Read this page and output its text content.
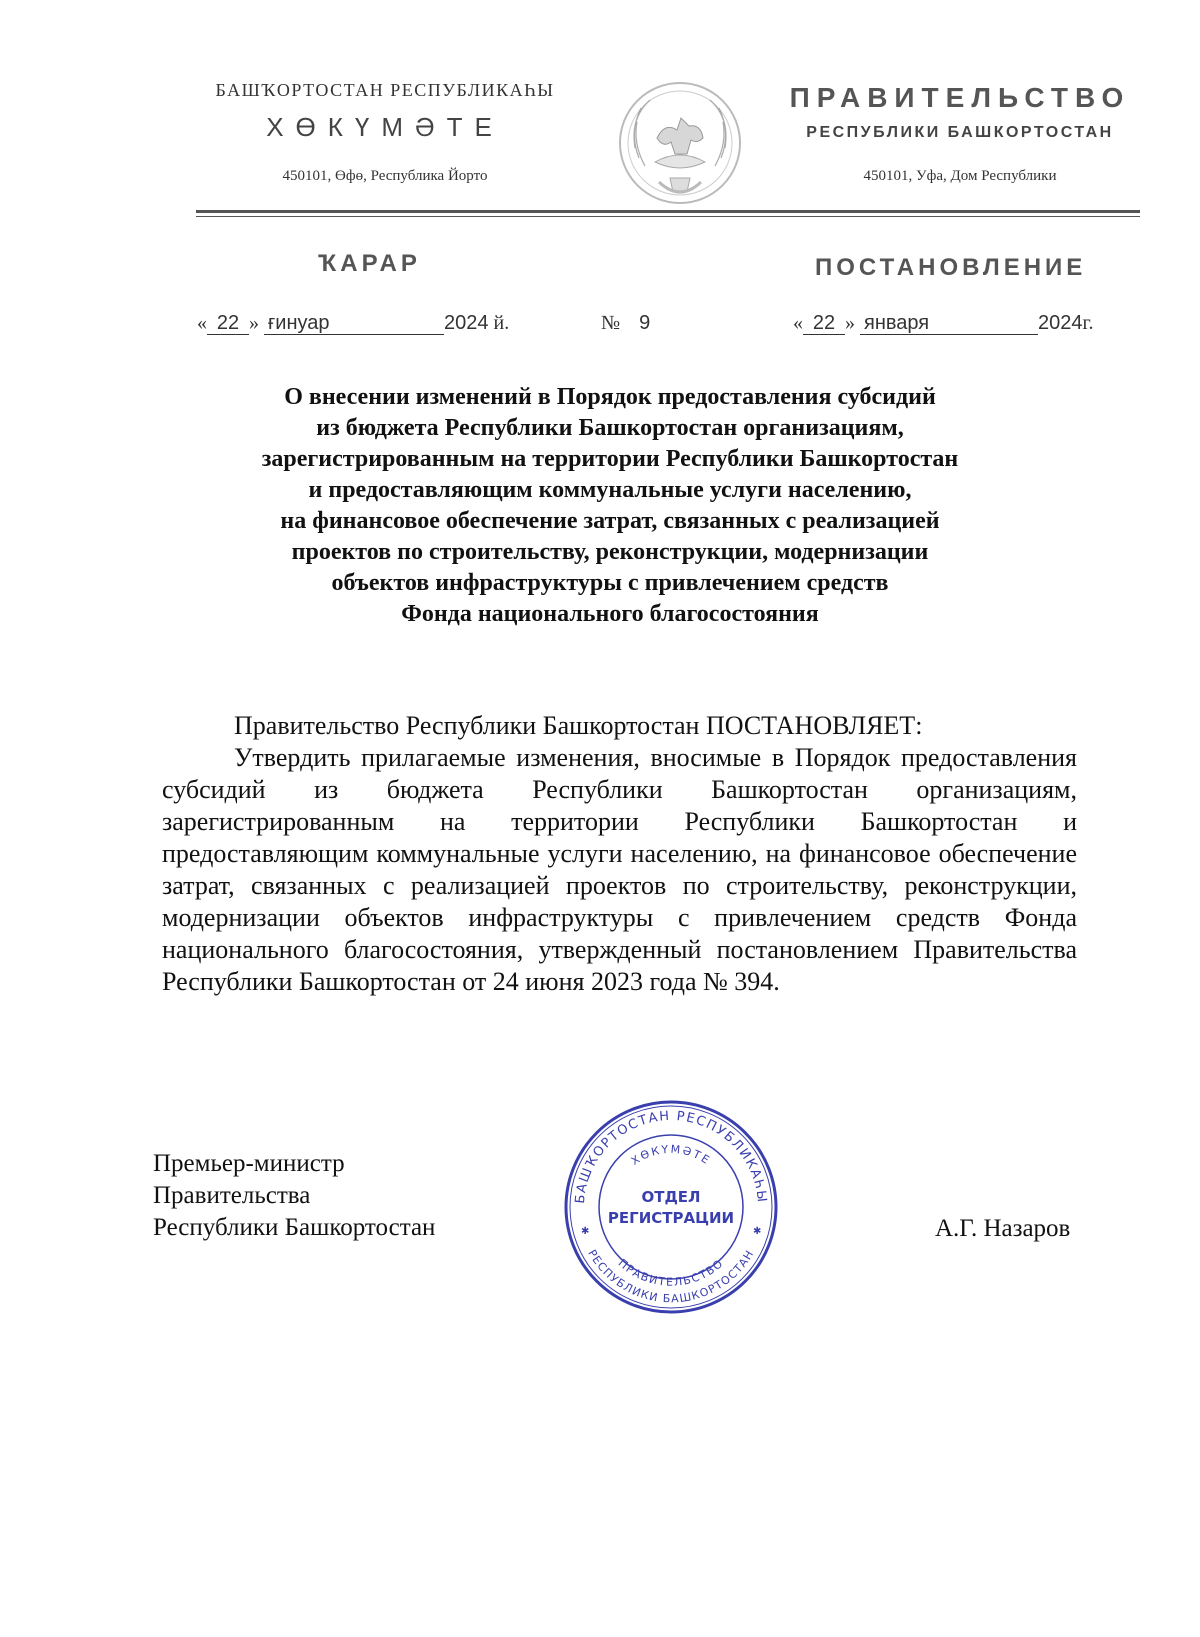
БАШҠОРТОСТАН РЕСПУБЛИКАҺЫ
ХӨКҮМӘТЕ
450101, Өфө, Республика Йорто
ПРАВИТЕЛЬСТВО
РЕСПУБЛИКИ БАШКОРТОСТАН
450101, Уфа, Дом Республики
ҠАРАР	ПОСТАНОВЛЕНИЕ
« 22 » ғинуар	2024 й.	№ 9	« 22 » января	2024г.
О внесении изменений в Порядок предоставления субсидий
из бюджета Республики Башкортостан организациям,
зарегистрированным на территории Республики Башкортостан
и предоставляющим коммунальные услуги населению,
на финансовое обеспечение затрат, связанных с реализацией
проектов по строительству, реконструкции, модернизации
объектов инфраструктуры с привлечением средств
Фонда национального благосостояния
Правительство Республики Башкортостан ПОСТАНОВЛЯЕТ:
Утвердить прилагаемые изменения, вносимые в Порядок предоставления субсидий из бюджета Республики Башкортостан организациям, зарегистрированным на территории Республики Башкортостан и предоставляющим коммунальные услуги населению, на финансовое обеспечение затрат, связанных с реализацией проектов по строительству, реконструкции, модернизации объектов инфраструктуры с привлечением средств Фонда национального благосостояния, утвержденный постановлением Правительства Республики Башкортостан от 24 июня 2023 года № 394.
Премьер-министр
Правительства
Республики Башкортостан	А.Г. Назаров
БАШҠОРТОСТАН РЕСПУБЛИКАҺЫ
ХӨКҮМӘТЕ
ПРАВИТЕЛЬСТВО
РЕСПУБЛИКИ БАШКОРТОСТАН
ОТДЕЛ
РЕГИСТРАЦИИ
✱	✱
